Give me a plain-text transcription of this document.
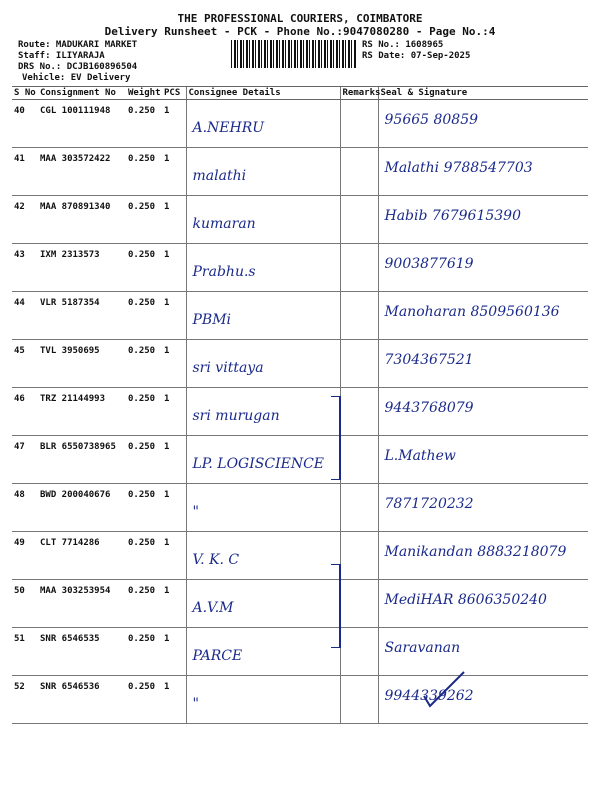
THE PROFESSIONAL COURIERS, COIMBATORE
Delivery Runsheet - PCK - Phone No.:9047080280 - Page No.:4
Route: MADUKARI MARKET
Staff: ILIYARAJA
DRS No.: DCJB160896504
Vehicle: EV Delivery
RS No.: 1608965
RS Date: 07-Sep-2025
S No	Consignment No	Weight	PCS	Consignee Details	Remarks	Seal & Signature
40	CGL 100111948	0.250	1	A.NEHRU		95665 80859

41	MAA 303572422	0.250	1	malathi		Malathi 9788547703

42	MAA 870891340	0.250	1	kumaran		Habib 7679615390

43	IXM 2313573	0.250	1	Prabhu.s		9003877619

44	VLR 5187354	0.250	1	PBMi		Manoharan 8509560136

45	TVL 3950695	0.250	1	sri vittaya		7304367521

46	TRZ 21144993	0.250	1	sri murugan		9443768079

47	BLR 6550738965	0.250	1	LP. LOGISCIENCE		L.Mathew

48	BWD 200040676	0.250	1	"		7871720232

49	CLT 7714286	0.250	1	V. K. C		Manikandan 8883218079

50	MAA 303253954	0.250	1	A.V.M		MediHAR 8606350240

51	SNR 6546535	0.250	1	PARCE		Saravanan

52	SNR 6546536	0.250	1	"		9944339262
